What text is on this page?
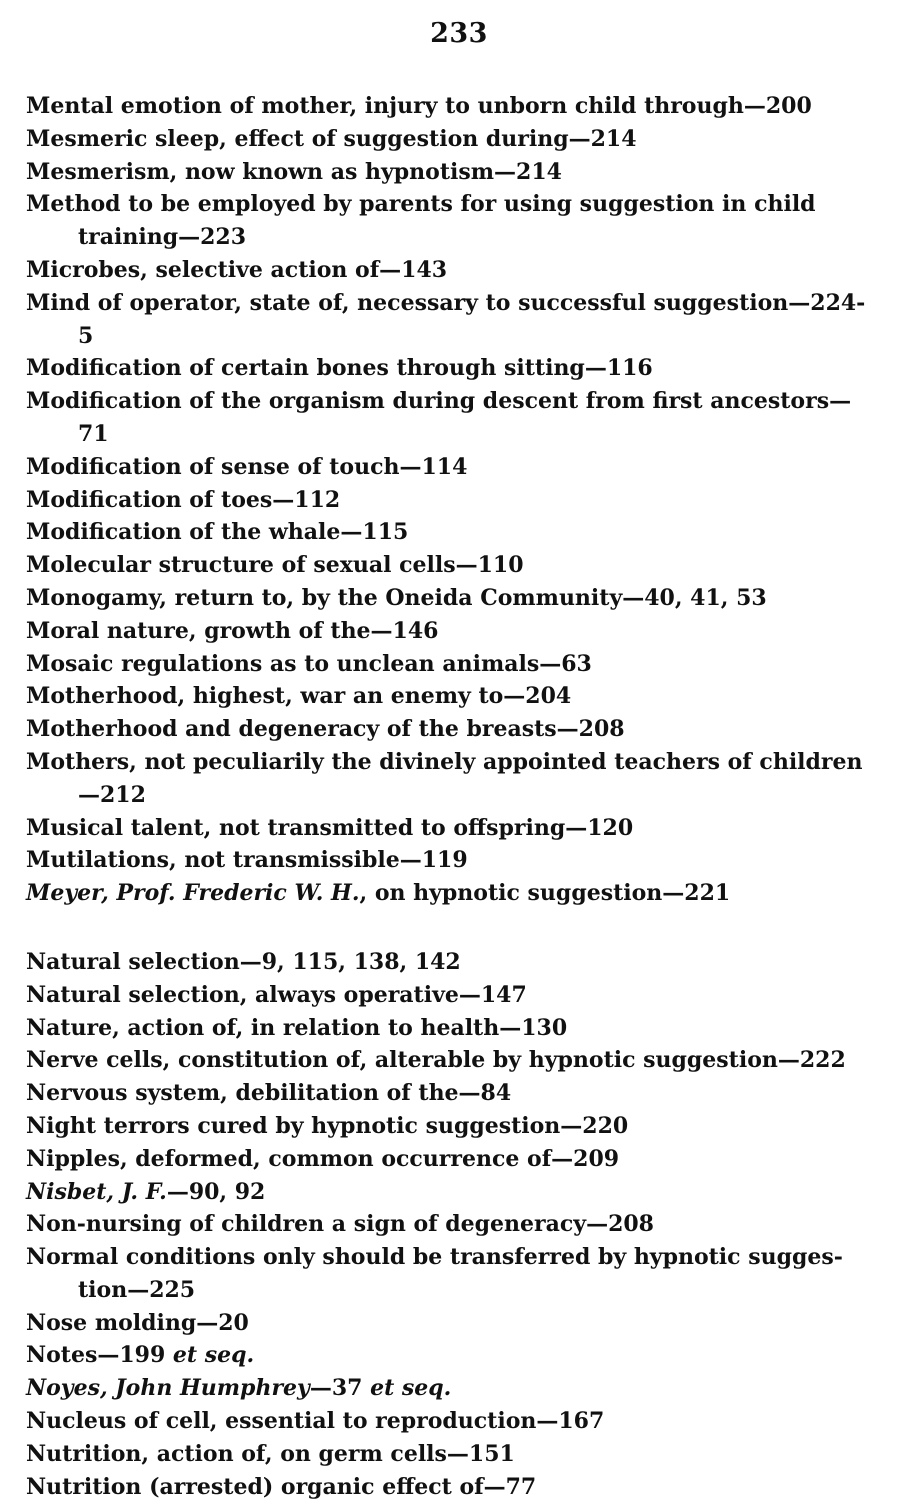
233
Mental emotion of mother, injury to unborn child through—200
Mesmeric sleep, effect of suggestion during—214
Mesmerism, now known as hypnotism—214
Method to be employed by parents for using suggestion in child training—223
Microbes, selective action of—143
Mind of operator, state of, necessary to successful suggestion—224-5
Modification of certain bones through sitting—116
Modification of the organism during descent from first ancestors—71
Modification of sense of touch—114
Modification of toes—112
Modification of the whale—115
Molecular structure of sexual cells—110
Monogamy, return to, by the Oneida Community—40, 41, 53
Moral nature, growth of the—146
Mosaic regulations as to unclean animals—63
Motherhood, highest, war an enemy to—204
Motherhood and degeneracy of the breasts—208
Mothers, not peculiarily the divinely appointed teachers of children —212
Musical talent, not transmitted to offspring—120
Mutilations, not transmissible—119
Meyer, Prof. Frederic W. H., on hypnotic suggestion—221
Natural selection—9, 115, 138, 142
Natural selection, always operative—147
Nature, action of, in relation to health—130
Nerve cells, constitution of, alterable by hypnotic suggestion—222
Nervous system, debilitation of the—84
Night terrors cured by hypnotic suggestion—220
Nipples, deformed, common occurrence of—209
Nisbet, J. F.—90, 92
Non-nursing of children a sign of degeneracy—208
Normal conditions only should be transferred by hypnotic sugges-tion—225
Nose molding—20
Notes—199 et seq.
Noyes, John Humphrey—37 et seq.
Nucleus of cell, essential to reproduction—167
Nutrition, action of, on germ cells—151
Nutrition (arrested) organic effect of—77
